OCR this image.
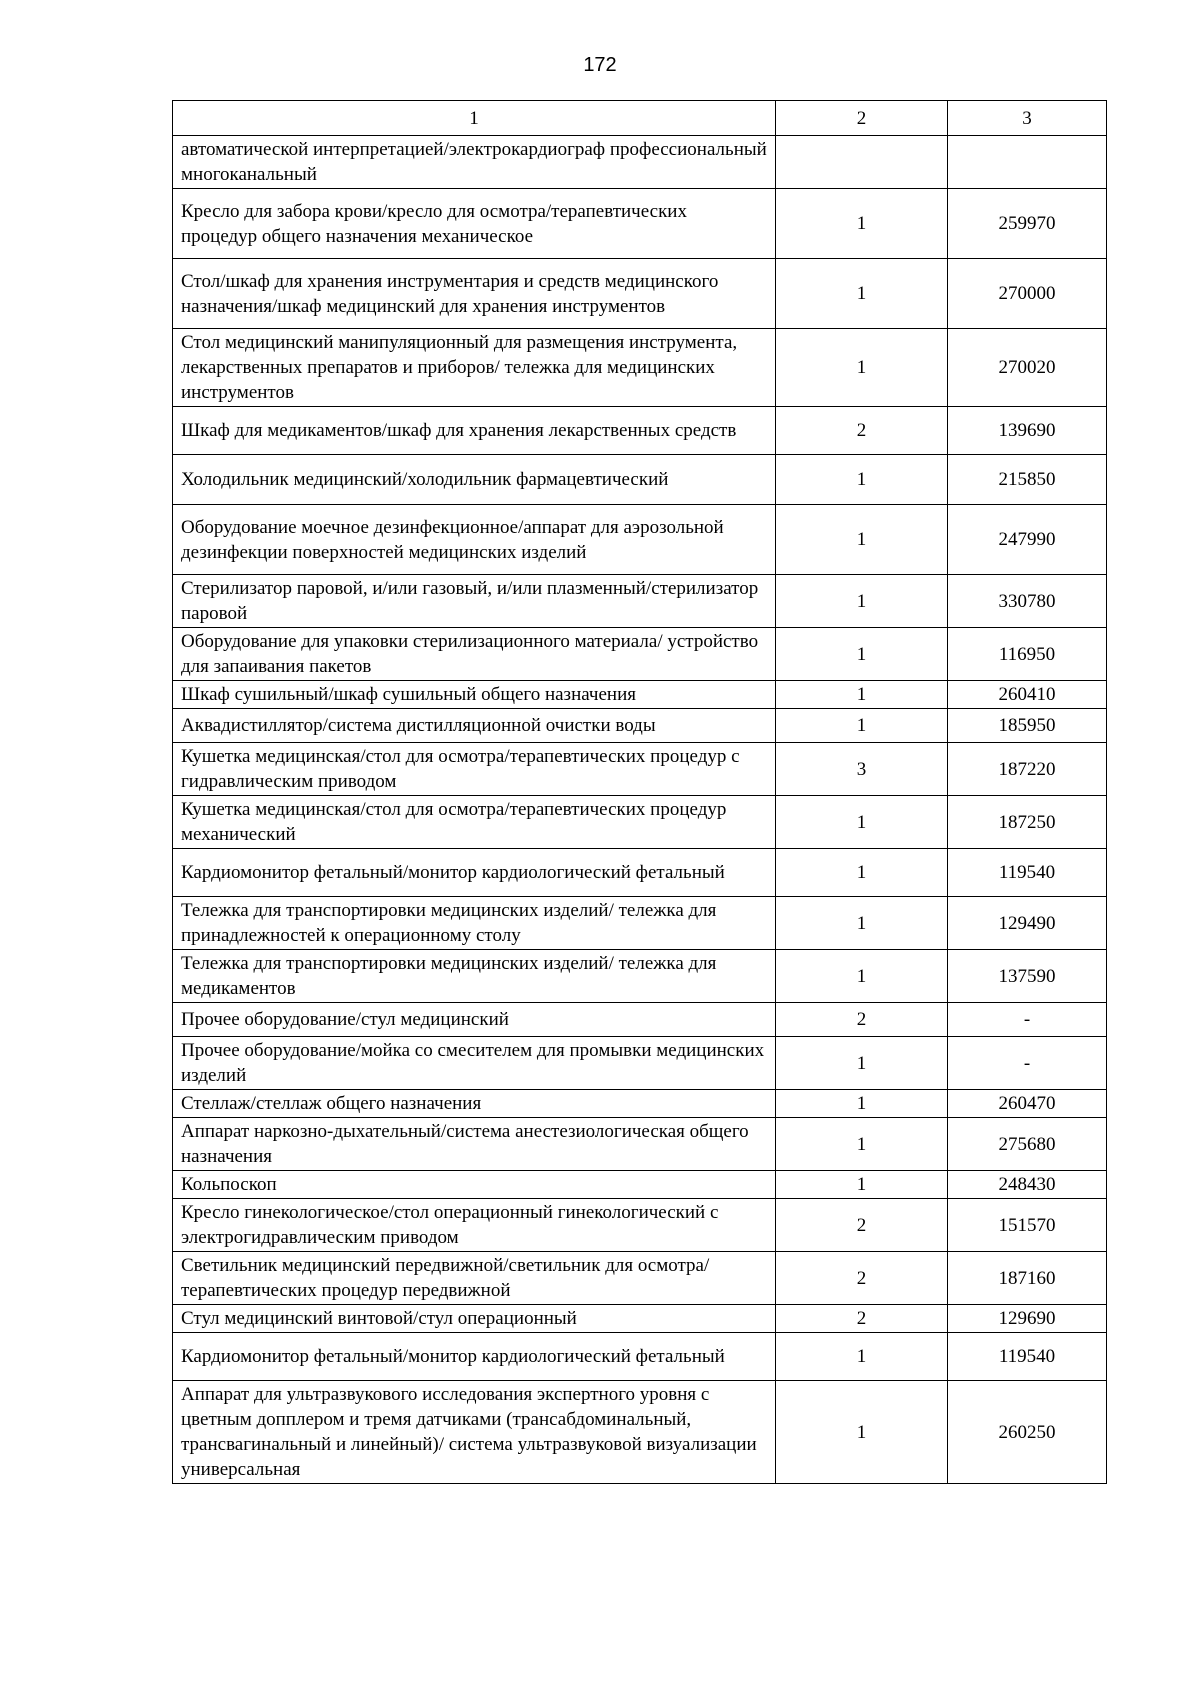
172
1	2	3
автоматической интерпретацией/электрокардиограф профессиональный многоканальный		
Кресло для забора крови/кресло для осмотра/терапевтических процедур общего назначения механическое	1	259970
Стол/шкаф для хранения инструментария и средств медицинского назначения/шкаф медицинский для хранения инструментов	1	270000
Стол медицинский манипуляционный для размещения инструмента, лекарственных препаратов и приборов/ тележка для медицинских инструментов	1	270020
Шкаф для медикаментов/шкаф для хранения лекарственных средств	2	139690
Холодильник медицинский/холодильник фармацевтический	1	215850
Оборудование моечное дезинфекционное/аппарат для аэрозольной дезинфекции поверхностей медицинских изделий	1	247990
Стерилизатор паровой, и/или газовый, и/или плазменный/стерилизатор паровой	1	330780
Оборудование для упаковки стерилизационного материала/ устройство для запаивания пакетов	1	116950
Шкаф сушильный/шкаф сушильный общего назначения	1	260410
Аквадистиллятор/система дистилляционной очистки воды	1	185950
Кушетка медицинская/стол для осмотра/терапевтических процедур с гидравлическим приводом	3	187220
Кушетка медицинская/стол для осмотра/терапевтических процедур механический	1	187250
Кардиомонитор фетальный/монитор кардиологический фетальный	1	119540
Тележка для транспортировки медицинских изделий/ тележка для принадлежностей к операционному столу	1	129490
Тележка для транспортировки медицинских изделий/ тележка для медикаментов	1	137590
Прочее оборудование/стул медицинский	2	-
Прочее оборудование/мойка со смесителем для промывки медицинских изделий	1	-
Стеллаж/стеллаж общего назначения	1	260470
Аппарат наркозно-дыхательный/система анестезиологическая общего назначения	1	275680
Кольпоскоп	1	248430
Кресло гинекологическое/стол операционный гинекологический с электрогидравлическим приводом	2	151570
Светильник медицинский передвижной/светильник для осмотра/терапевтических процедур передвижной	2	187160
Стул медицинский винтовой/стул операционный	2	129690
Кардиомонитор фетальный/монитор кардиологический фетальный	1	119540
Аппарат для ультразвукового исследования экспертного уровня с цветным допплером и тремя датчиками (трансабдоминальный, трансвагинальный и линейный)/ система ультразвуковой визуализации универсальная	1	260250
